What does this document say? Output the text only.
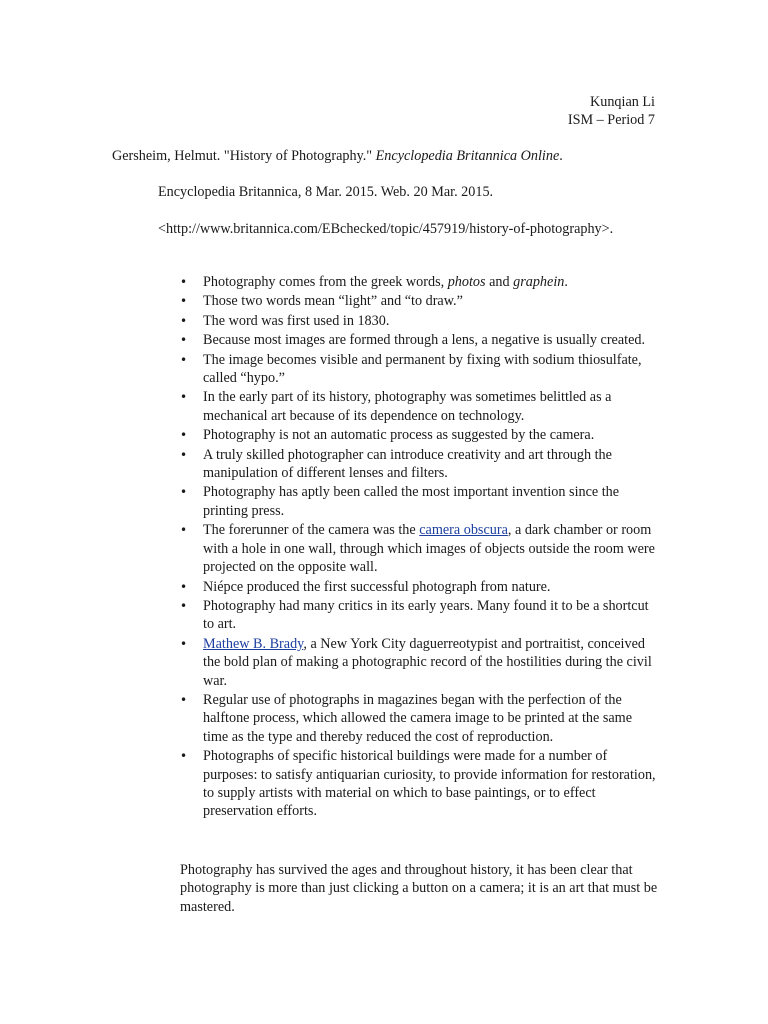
Kunqian Li
ISM – Period 7
Gersheim, Helmut. "History of Photography." Encyclopedia Britannica Online.
Encyclopedia Britannica, 8 Mar. 2015. Web. 20 Mar. 2015.
<http://www.britannica.com/EBchecked/topic/457919/history-of-photography>.
• Photography comes from the greek words, photos and graphein.
• Those two words mean “light” and “to draw.”
• The word was first used in 1830.
• Because most images are formed through a lens, a negative is usually created.
• The image becomes visible and permanent by fixing with sodium thiosulfate, called “hypo.”
• In the early part of its history, photography was sometimes belittled as a mechanical art because of its dependence on technology.
• Photography is not an automatic process as suggested by the camera.
• A truly skilled photographer can introduce creativity and art through the manipulation of different lenses and filters.
• Photography has aptly been called the most important invention since the printing press.
• The forerunner of the camera was the camera obscura, a dark chamber or room with a hole in one wall, through which images of objects outside the room were projected on the opposite wall.
• Niépce produced the first successful photograph from nature.
• Photography had many critics in its early years. Many found it to be a shortcut to art.
• Mathew B. Brady, a New York City daguerreotypist and portraitist, conceived the bold plan of making a photographic record of the hostilities during the civil war.
• Regular use of photographs in magazines began with the perfection of the halftone process, which allowed the camera image to be printed at the same time as the type and thereby reduced the cost of reproduction.
• Photographs of specific historical buildings were made for a number of purposes: to satisfy antiquarian curiosity, to provide information for restoration, to supply artists with material on which to base paintings, or to effect preservation efforts.
Photography has survived the ages and throughout history, it has been clear that photography is more than just clicking a button on a camera; it is an art that must be mastered.
